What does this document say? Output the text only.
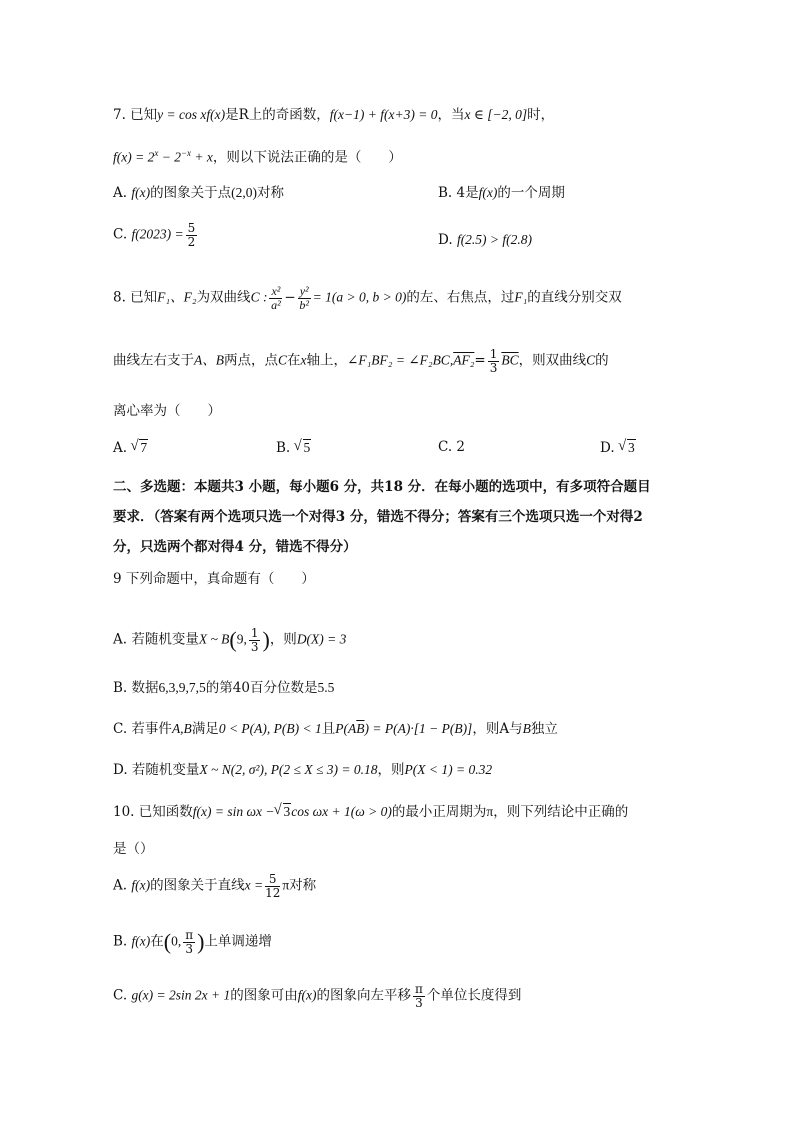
7. 已知y = cos xf(x)是R上的奇函数，f(x−1) + f(x+3) = 0，当x ∈ [−2, 0]时，
$f(x) = 2^x - 2^{-x} + x$，则以下说法正确的是（　　）
A. f(x)的图象关于点(2,0)对称	B. 4是f(x)的一个周期
C. $f(2023) = \frac{5}{2}$	D. f(2.5) > f(2.8)
8. 已知F₁、F₂为双曲线C : $\frac{\text{x²}}{\text{a²}} - \frac{\text{y²}}{\text{b²}} = 1(a > 0$, b > 0)的左、右焦点，过F₁的直线分别交双
曲线左右支于A、B两点，点C在x轴上，∠F₁BF₂ = ∠F₂BC,AF₂= $\frac{1}{3} \overline{BC}$，则双曲线C的
离心率为（　　）
A. √ 7	B. √ 5	C. 2	D. √ 3
二、多选题：本题共3 小题，每小题6 分，共18 分．在每小题的选项中，有多项符合题目
要求．（答案有两个选项只选一个对得3 分，错选不得分；答案有三个选项只选一个对得2
分，只选两个都对得4 分，错选不得分）
9 下列命题中，真命题有（　　）
A. 若随机变量X ~ B(9, $\frac{1}{3}$ )，则D(X) = 3
B. 数据6,3,9,7,5的第40百分位数是5.5
C. 若事件A,B满足0 < P(A), P(B) < 1且$P(A\overline{B}) = P(A)\cdot[1 - P(B)]$，则A与B独立
D. 若随机变量X ~ N(2, σ²), P(2 ≤ X ≤ 3) = 0.18，则P(X < 1) = 0.32
10. 已知函数f(x) = sin ωx − √ 3cos ωx + 1(ω > 0)的最小正周期为π，则下列结论中正确的
是（）
A. f(x)的图象关于直线$x = \frac{5}{12}$ π对称
B. f(x)在(0, $\frac{\pi}{3}$ )上单调递增
C. g(x) = 2sin 2x + 1的图象可由f(x)的图象向左平移 $\frac{\pi}{3}$ 个单位长度得到
